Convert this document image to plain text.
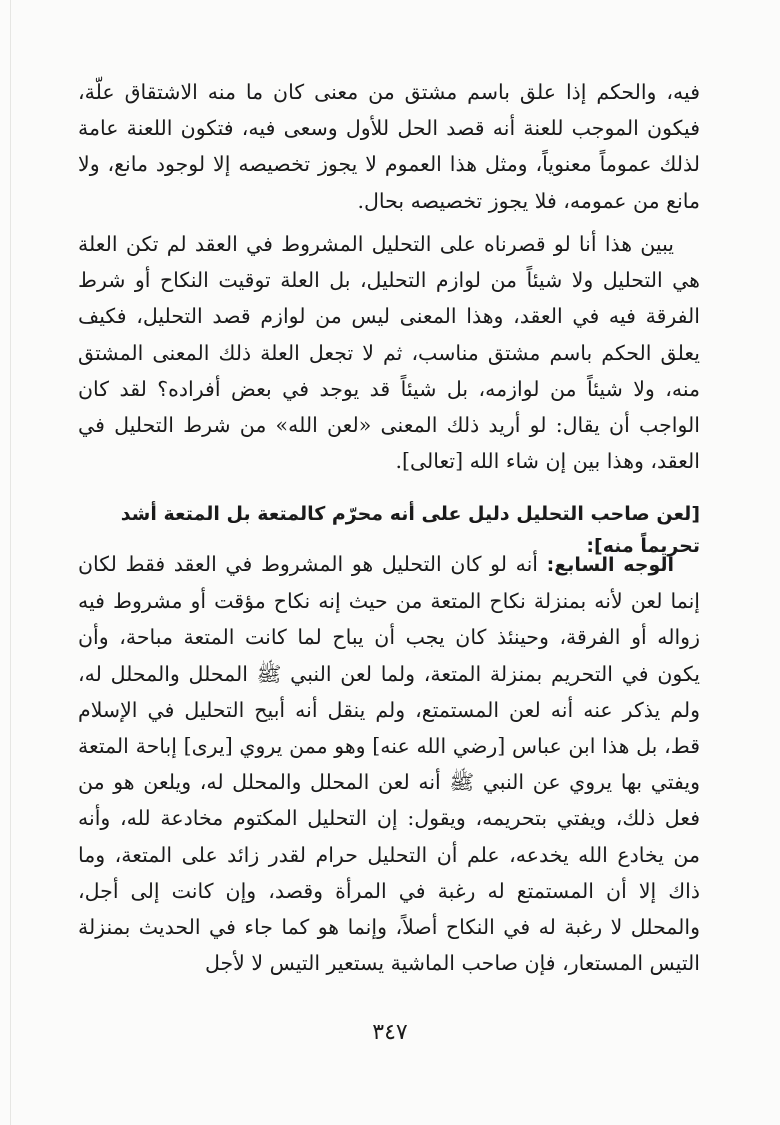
فيه، والحكم إذا علق باسم مشتق من معنى كان ما منه الاشتقاق علّة، فيكون الموجب للعنة أنه قصد الحل للأول وسعى فيه، فتكون اللعنة عامة لذلك عموماً معنوياً، ومثل هذا العموم لا يجوز تخصيصه إلا لوجود مانع، ولا مانع من عمومه، فلا يجوز تخصيصه بحال.

يبين هذا أنا لو قصرناه على التحليل المشروط في العقد لم تكن العلة هي التحليل ولا شيئاً من لوازم التحليل، بل العلة توقيت النكاح أو شرط الفرقة فيه في العقد، وهذا المعنى ليس من لوازم قصد التحليل، فكيف يعلق الحكم باسم مشتق مناسب، ثم لا تجعل العلة ذلك المعنى المشتق منه، ولا شيئاً من لوازمه، بل شيئاً قد يوجد في بعض أفراده؟ لقد كان الواجب أن يقال: لو أريد ذلك المعنى «لعن الله» من شرط التحليل في العقد، وهذا بين إن شاء الله [تعالى].

[لعن صاحب التحليل دليل على أنه محرّم كالمتعة بل المتعة أشد تحريماً منه]:

الوجه السابع: أنه لو كان التحليل هو المشروط في العقد فقط لكان إنما لعن لأنه بمنزلة نكاح المتعة من حيث إنه نكاح مؤقت أو مشروط فيه زواله أو الفرقة، وحينئذ كان يجب أن يباح لما كانت المتعة مباحة، وأن يكون في التحريم بمنزلة المتعة، ولما لعن النبي ﷺ المحلل والمحلل له، ولم يذكر عنه أنه لعن المستمتع، ولم ينقل أنه أبيح التحليل في الإسلام قط، بل هذا ابن عباس [رضي الله عنه] وهو ممن يروي [يرى] إباحة المتعة ويفتي بها يروي عن النبي ﷺ أنه لعن المحلل والمحلل له، ويلعن هو من فعل ذلك، ويفتي بتحريمه، ويقول: إن التحليل المكتوم مخادعة لله، وأنه من يخادع الله يخدعه، علم أن التحليل حرام لقدر زائد على المتعة، وما ذاك إلا أن المستمتع له رغبة في المرأة وقصد، وإن كانت إلى أجل، والمحلل لا رغبة له في النكاح أصلاً، وإنما هو كما جاء في الحديث بمنزلة التيس المستعار، فإن صاحب الماشية يستعير التيس لا لأجل

٣٤٧
